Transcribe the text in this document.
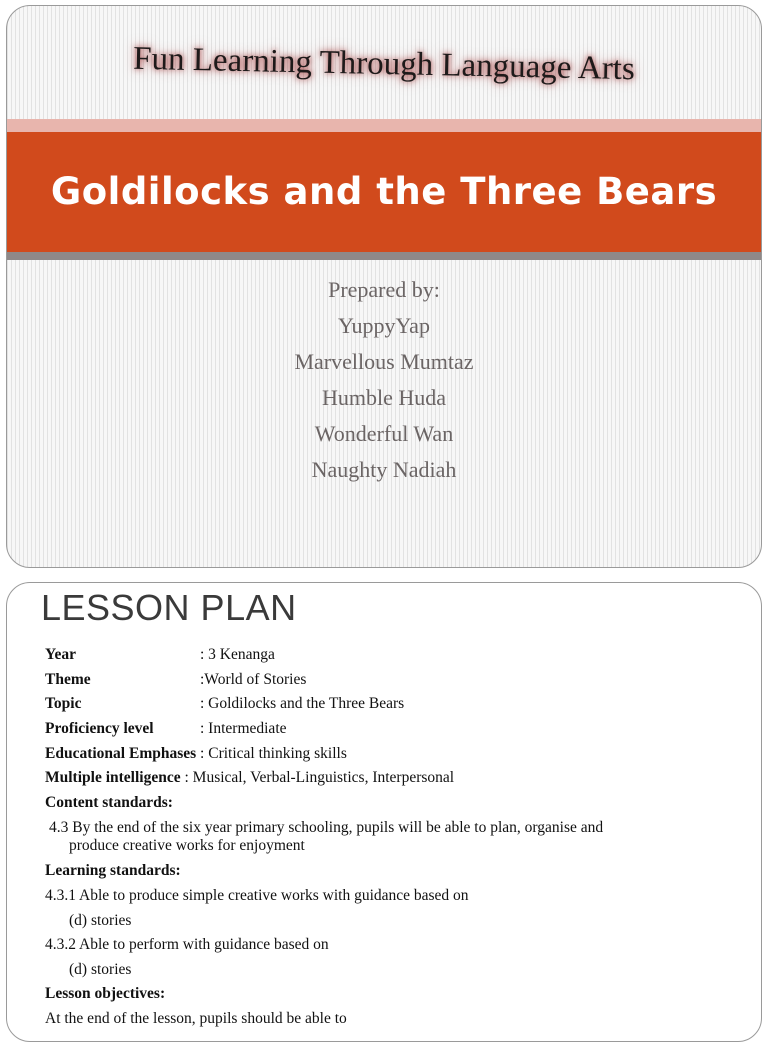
Fun Learning Through Language Arts
Goldilocks and the Three Bears
Prepared by:
YuppyYap
Marvellous Mumtaz
Humble Huda
Wonderful Wan
Naughty Nadiah
LESSON PLAN
Year	: 3 Kenanga
Theme	:World of Stories
Topic	: Goldilocks and the Three Bears
Proficiency level	: Intermediate
Educational Emphases
: Critical thinking skills
Multiple intelligence
: Musical, Verbal-Linguistics, Interpersonal
Content standards :
4.3 By the end of the six year primary schooling, pupils will be able to plan, organise and
produce creative works for enjoyment
Learning standards :
4.3.1 Able to produce simple creative works with guidance based on
(d) stories
4.3.2 Able to perform with guidance based on
(d) stories
Lesson objectives :
At the end of the lesson, pupils should be able to
